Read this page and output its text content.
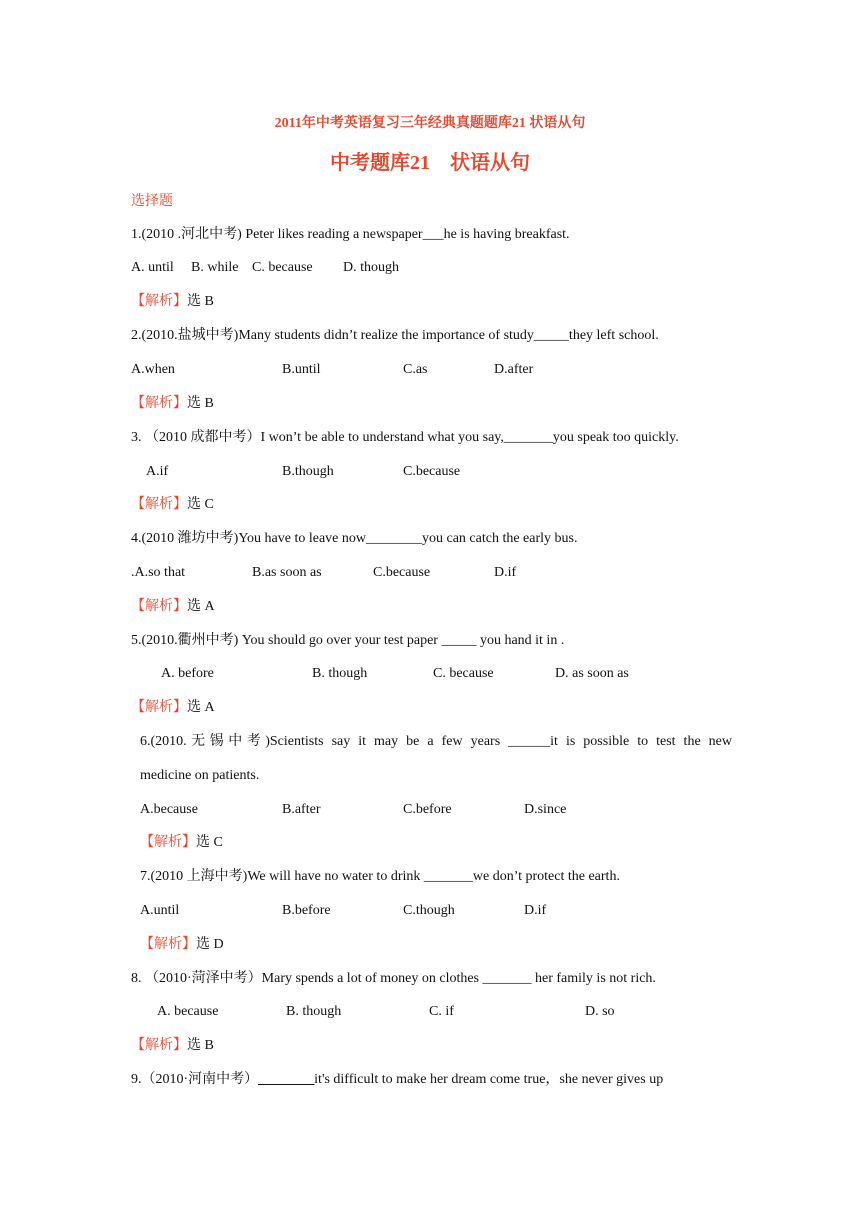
2011年中考英语复习三年经典真题题库21 状语从句
中考题库21　状语从句
选择题
1.(2010 .河北中考) Peter likes reading a newspaper___he is having breakfast.
A. until B. while C. because D. though
【解析】选 B
2.(2010.盐城中考)Many students didn’t realize the importance of study_____they left school.
A.when	B.until	C.as	D.after
【解析】选 B
3. （2010 成都中考）I won’t be able to understand what you say,_______you speak too quickly.
A.if	B.though	C.because
【解析】选 C
4.(2010 潍坊中考)You have to leave now________you can catch the early bus.
.A.so that	B.as soon as	C.because	D.if
【解析】选 A
5.(2010.衢州中考) You should go over your test paper _____ you hand it in .
A. before	B. though	C. because	D. as soon as
【解析】选 A
6.(2010.无锡中考)Scientists say it may be a few years ______it is possible to test the new
medicine on patients.
A.because	B.after	C.before	D.since
【解析】选 C
7.(2010 上海中考)We will have no water to drink _______we don’t protect the earth.
A.until	B.before	C.though	D.if
【解析】选 D
8. （2010·菏泽中考）Mary spends a lot of money on clothes _______ her family is not rich.
A. because	B. though	C. if	D. so
【解析】选 B
9.（2010·河南中考）________it's difficult to make her dream come true，she never gives up
